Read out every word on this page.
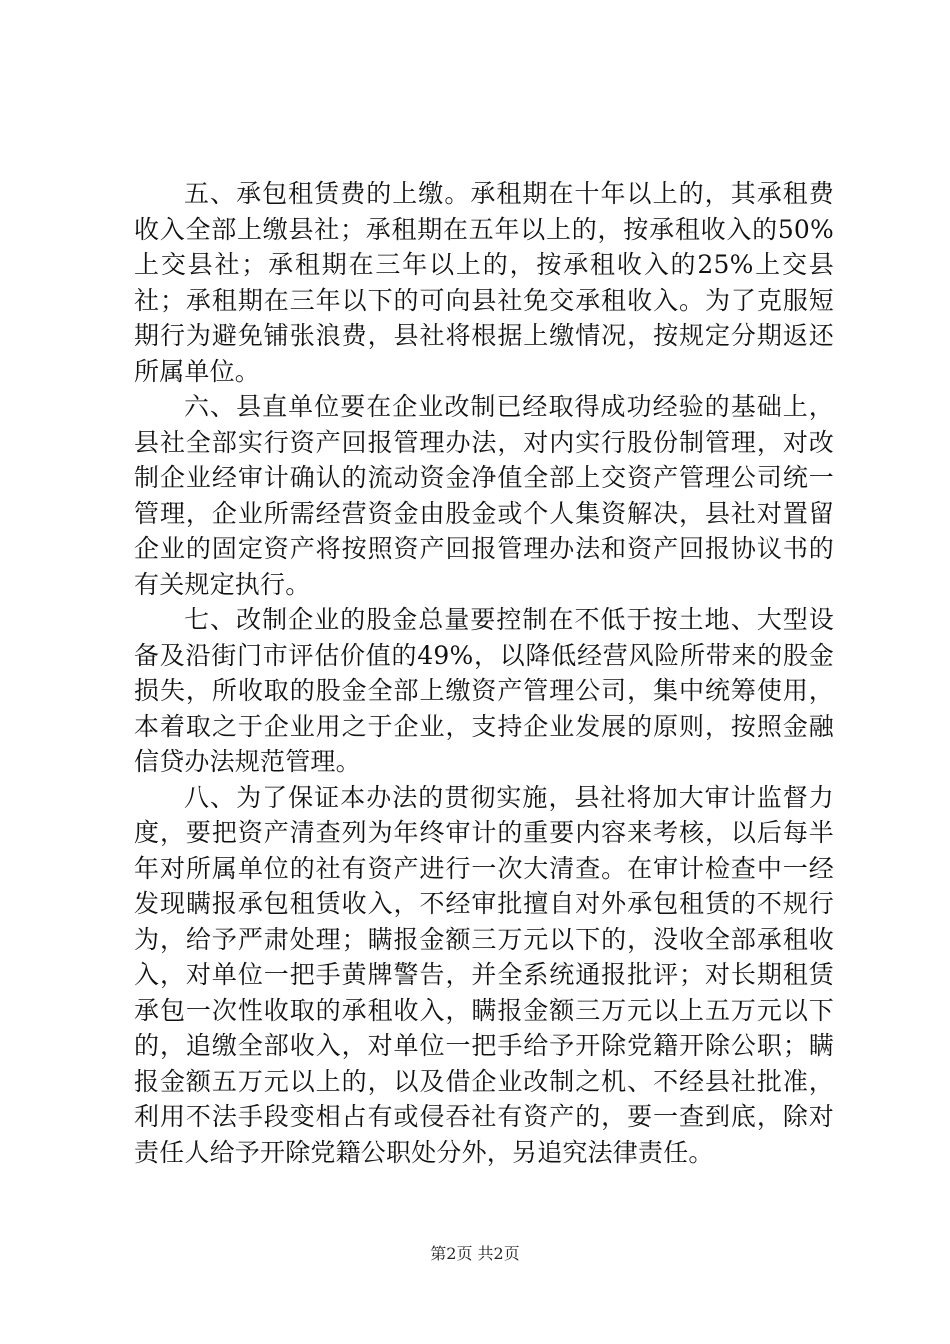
五、承包租赁费的上缴。承租期在十年以上的，其承租费收入全部上缴县社；承租期在五年以上的，按承租收入的50%上交县社；承租期在三年以上的，按承租收入的25%上交县社；承租期在三年以下的可向县社免交承租收入。为了克服短期行为避免铺张浪费，县社将根据上缴情况，按规定分期返还所属单位。

六、县直单位要在企业改制已经取得成功经验的基础上，县社全部实行资产回报管理办法，对内实行股份制管理，对改制企业经审计确认的流动资金净值全部上交资产管理公司统一管理，企业所需经营资金由股金或个人集资解决，县社对置留企业的固定资产将按照资产回报管理办法和资产回报协议书的有关规定执行。

七、改制企业的股金总量要控制在不低于按土地、大型设备及沿街门市评估价值的49%，以降低经营风险所带来的股金损失，所收取的股金全部上缴资产管理公司，集中统筹使用，本着取之于企业用之于企业，支持企业发展的原则，按照金融信贷办法规范管理。

八、为了保证本办法的贯彻实施，县社将加大审计监督力度，要把资产清查列为年终审计的重要内容来考核，以后每半年对所属单位的社有资产进行一次大清查。在审计检查中一经发现瞒报承包租赁收入，不经审批擅自对外承包租赁的不规行为，给予严肃处理；瞒报金额三万元以下的，没收全部承租收入，对单位一把手黄牌警告，并全系统通报批评；对长期租赁承包一次性收取的承租收入，瞒报金额三万元以上五万元以下的，追缴全部收入，对单位一把手给予开除党籍开除公职；瞒报金额五万元以上的，以及借企业改制之机、不经县社批准，利用不法手段变相占有或侵吞社有资产的，要一查到底，除对责任人给予开除党籍公职处分外，另追究法律责任。

第2页 共2页
